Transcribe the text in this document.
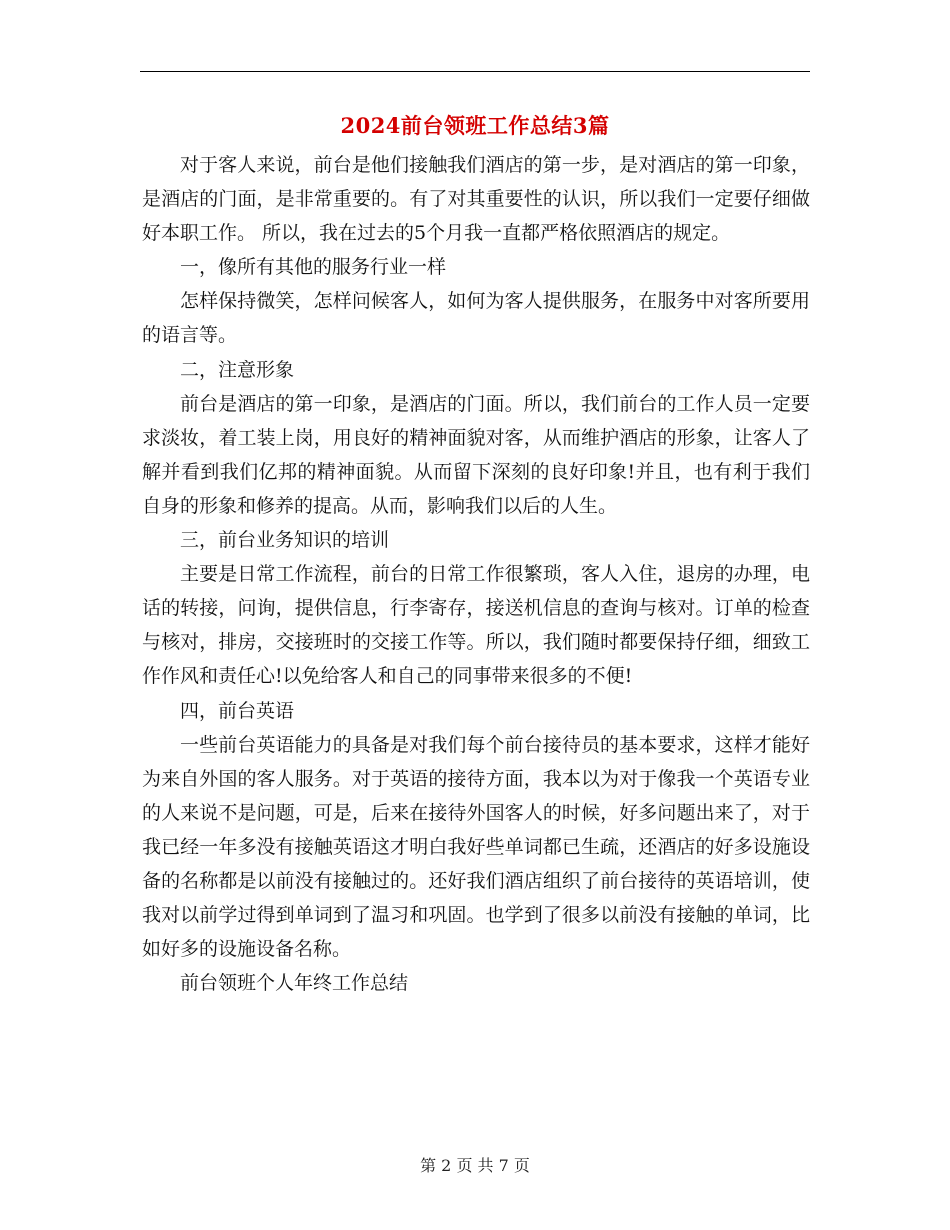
2024前台领班工作总结3篇

对于客人来说，前台是他们接触我们酒店的第一步，是对酒店的第一印象，是酒店的门面，是非常重要的。有了对其重要性的认识，所以我们一定要仔细做好本职工作。 所以，我在过去的5个月我一直都严格依照酒店的规定。

一，像所有其他的服务行业一样

怎样保持微笑，怎样问候客人，如何为客人提供服务，在服务中对客所要用的语言等。

二，注意形象

前台是酒店的第一印象，是酒店的门面。所以，我们前台的工作人员一定要求淡妆，着工装上岗，用良好的精神面貌对客，从而维护酒店的形象，让客人了解并看到我们亿邦的精神面貌。从而留下深刻的良好印象!并且，也有利于我们自身的形象和修养的提高。从而，影响我们以后的人生。

三，前台业务知识的培训

主要是日常工作流程，前台的日常工作很繁琐，客人入住，退房的办理，电话的转接，问询，提供信息，行李寄存，接送机信息的查询与核对。订单的检查与核对，排房，交接班时的交接工作等。所以，我们随时都要保持仔细，细致工作作风和责任心!以免给客人和自己的同事带来很多的不便!

四，前台英语

一些前台英语能力的具备是对我们每个前台接待员的基本要求，这样才能好为来自外国的客人服务。对于英语的接待方面，我本以为对于像我一个英语专业的人来说不是问题，可是，后来在接待外国客人的时候，好多问题出来了，对于我已经一年多没有接触英语这才明白我好些单词都已生疏，还酒店的好多设施设备的名称都是以前没有接触过的。还好我们酒店组织了前台接待的英语培训，使我对以前学过得到单词到了温习和巩固。也学到了很多以前没有接触的单词，比如好多的设施设备名称。

前台领班个人年终工作总结

第 2 页 共 7 页
